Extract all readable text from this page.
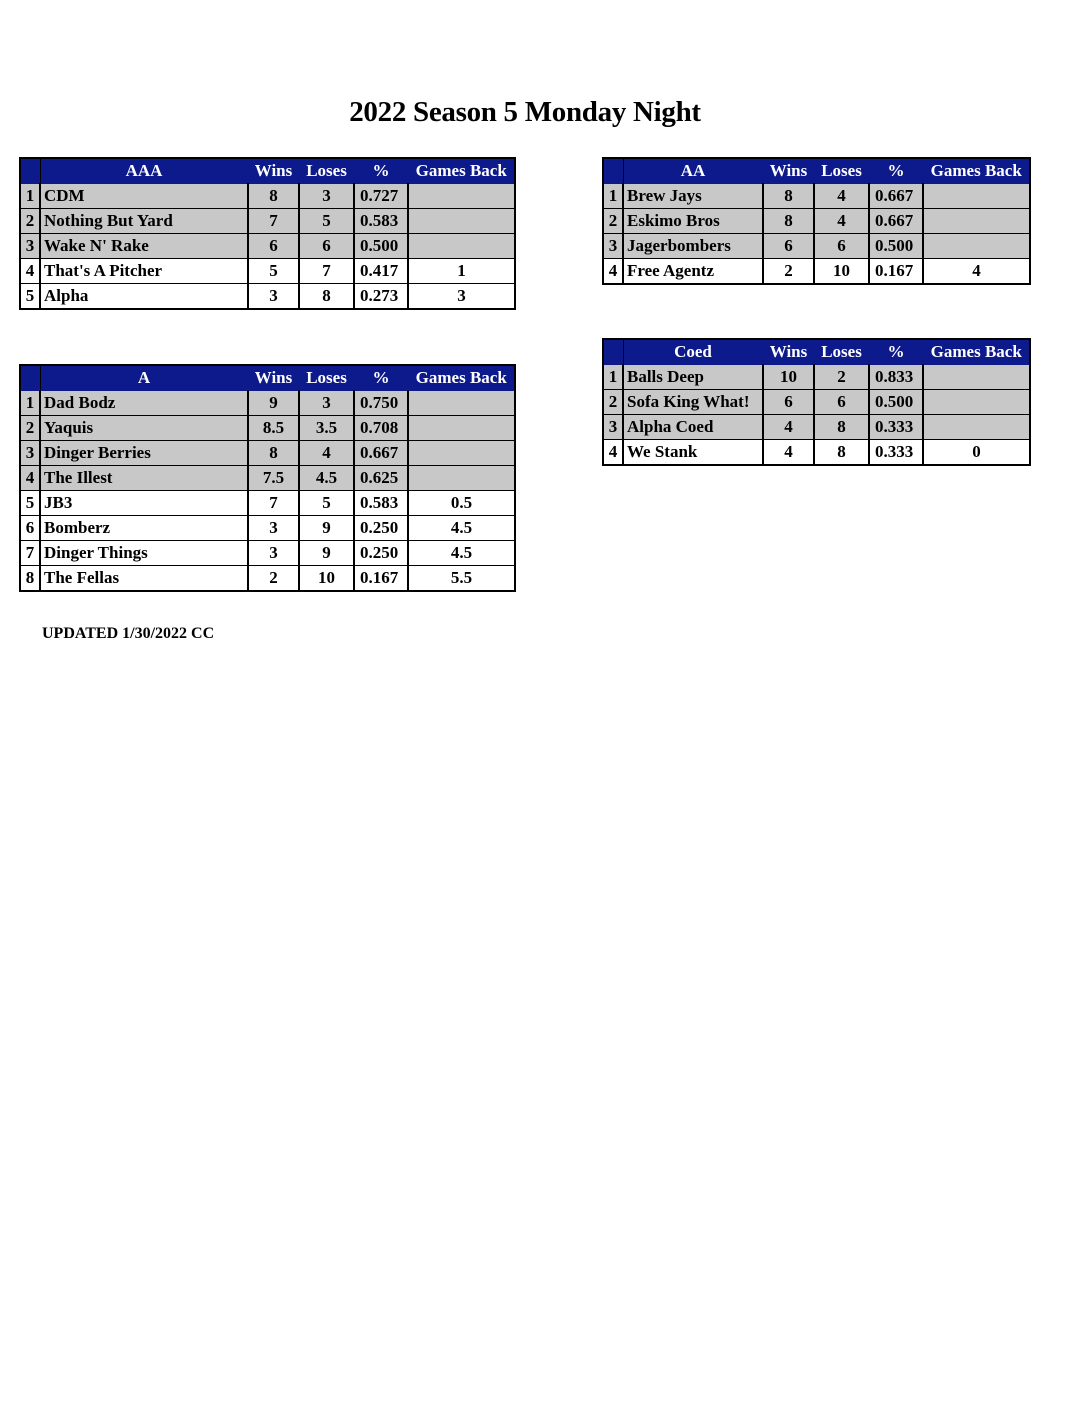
2022 Season 5 Monday Night
	AAA	Wins	Loses	%	Games Back
1	CDM	8	3	0.727	
2	Nothing But Yard	7	5	0.583	
3	Wake N' Rake	6	6	0.500	
4	That's A Pitcher	5	7	0.417	1
5	Alpha	3	8	0.273	3
	AA	Wins	Loses	%	Games Back
1	Brew Jays	8	4	0.667	
2	Eskimo Bros	8	4	0.667	
3	Jagerbombers	6	6	0.500	
4	Free Agentz	2	10	0.167	4
	A	Wins	Loses	%	Games Back
1	Dad Bodz	9	3	0.750	
2	Yaquis	8.5	3.5	0.708	
3	Dinger Berries	8	4	0.667	
4	The Illest	7.5	4.5	0.625	
5	JB3	7	5	0.583	0.5
6	Bomberz	3	9	0.250	4.5
7	Dinger Things	3	9	0.250	4.5
8	The Fellas	2	10	0.167	5.5
	Coed	Wins	Loses	%	Games Back
1	Balls Deep	10	2	0.833	
2	Sofa King What!	6	6	0.500	
3	Alpha Coed	4	8	0.333	
4	We Stank	4	8	0.333	0
UPDATED 1/30/2022 CC
